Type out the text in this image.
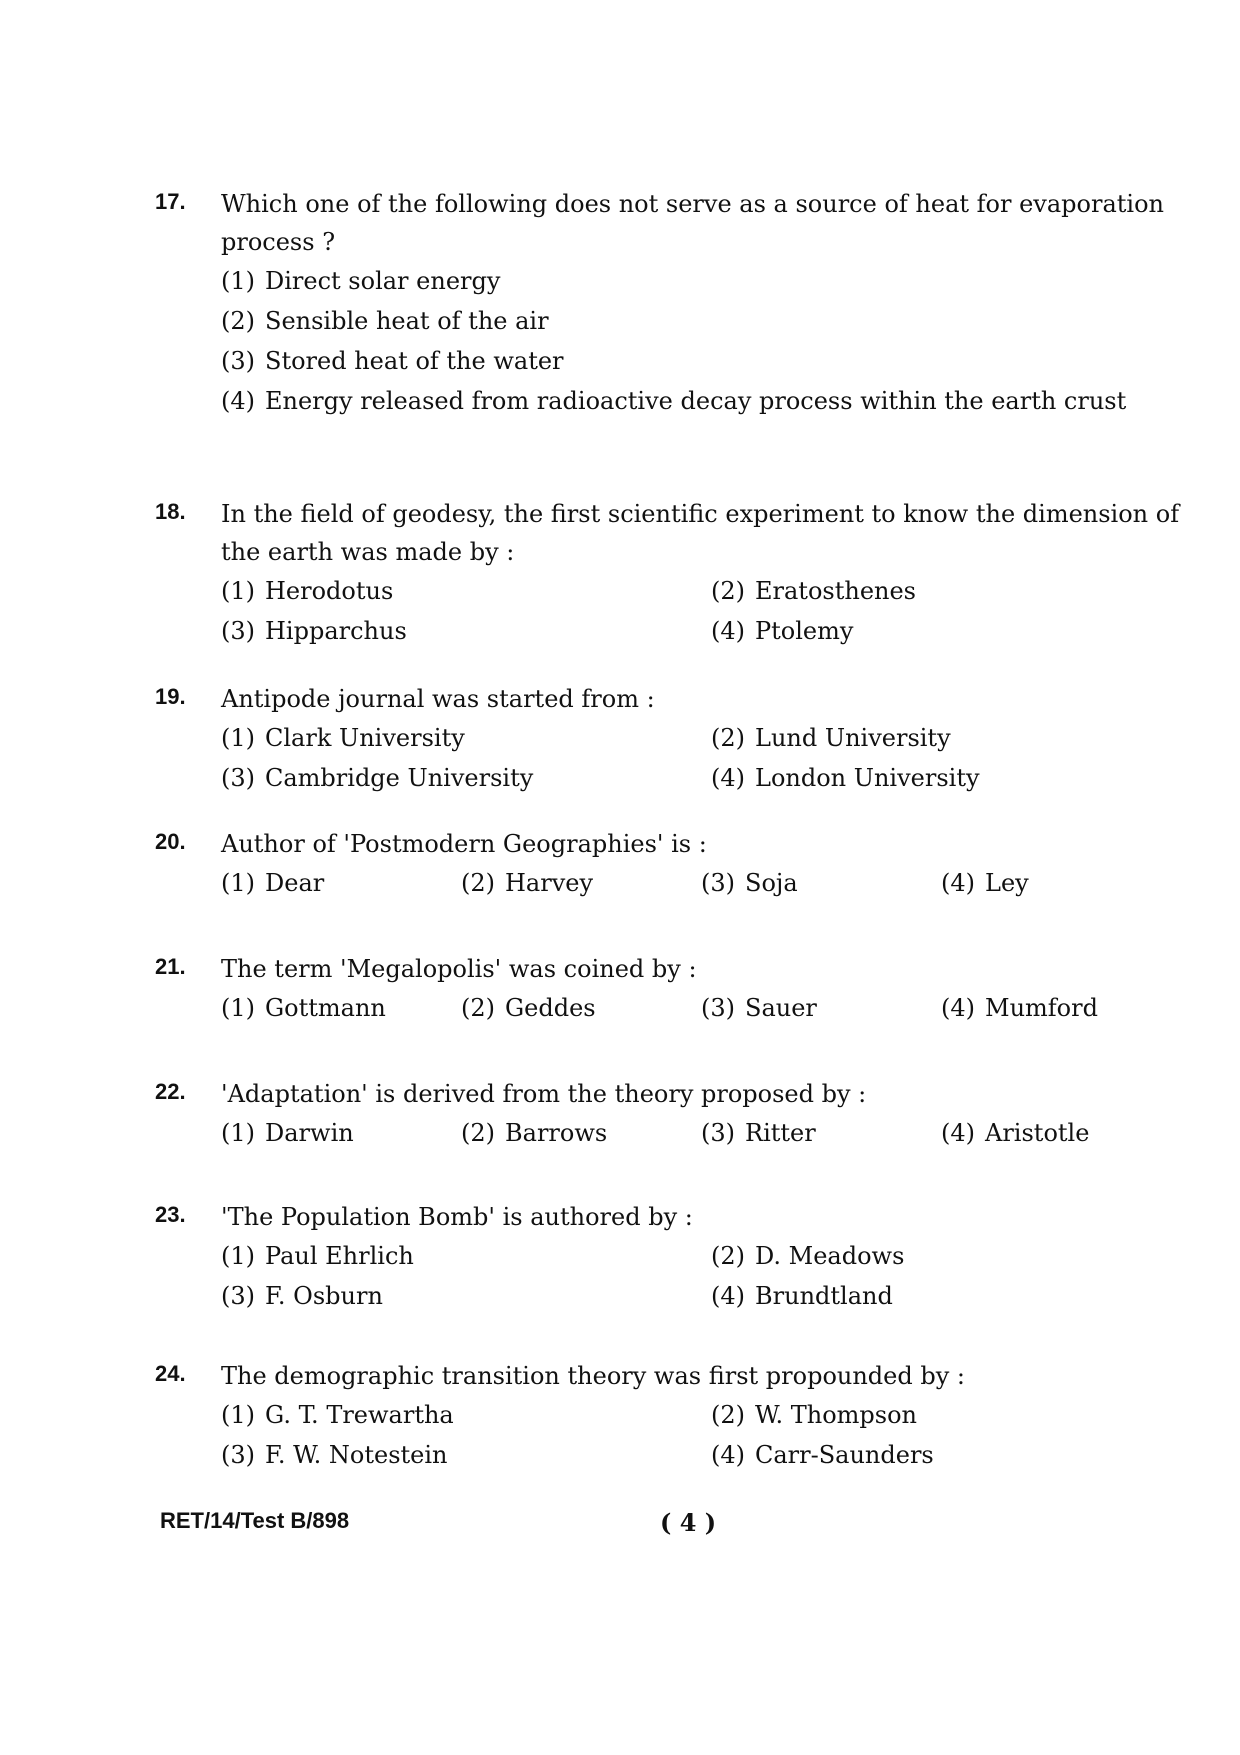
17.	Which one of the following does not serve as a source of heat for evaporation process ?
(1) Direct solar energy
(2) Sensible heat of the air
(3) Stored heat of the water
(4) Energy released from radioactive decay process within the earth crust
18.	In the field of geodesy, the first scientific experiment to know the dimension of the earth was made by :
(1) Herodotus	(2) Eratosthenes
(3) Hipparchus	(4) Ptolemy
19.	Antipode journal was started from :
(1) Clark University	(2) Lund University
(3) Cambridge University	(4) London University
20.	Author of 'Postmodern Geographies' is :
(1) Dear	(2) Harvey	(3) Soja	(4) Ley
21.	The term 'Megalopolis' was coined by :
(1) Gottmann	(2) Geddes	(3) Sauer	(4) Mumford
22.	'Adaptation' is derived from the theory proposed by :
(1) Darwin	(2) Barrows	(3) Ritter	(4) Aristotle
23.	'The Population Bomb' is authored by :
(1) Paul Ehrlich	(2) D. Meadows
(3) F. Osburn	(4) Brundtland
24.	The demographic transition theory was first propounded by :
(1) G. T. Trewartha	(2) W. Thompson
(3) F. W. Notestein	(4) Carr-Saunders
RET/14/Test B/898	( 4 )
